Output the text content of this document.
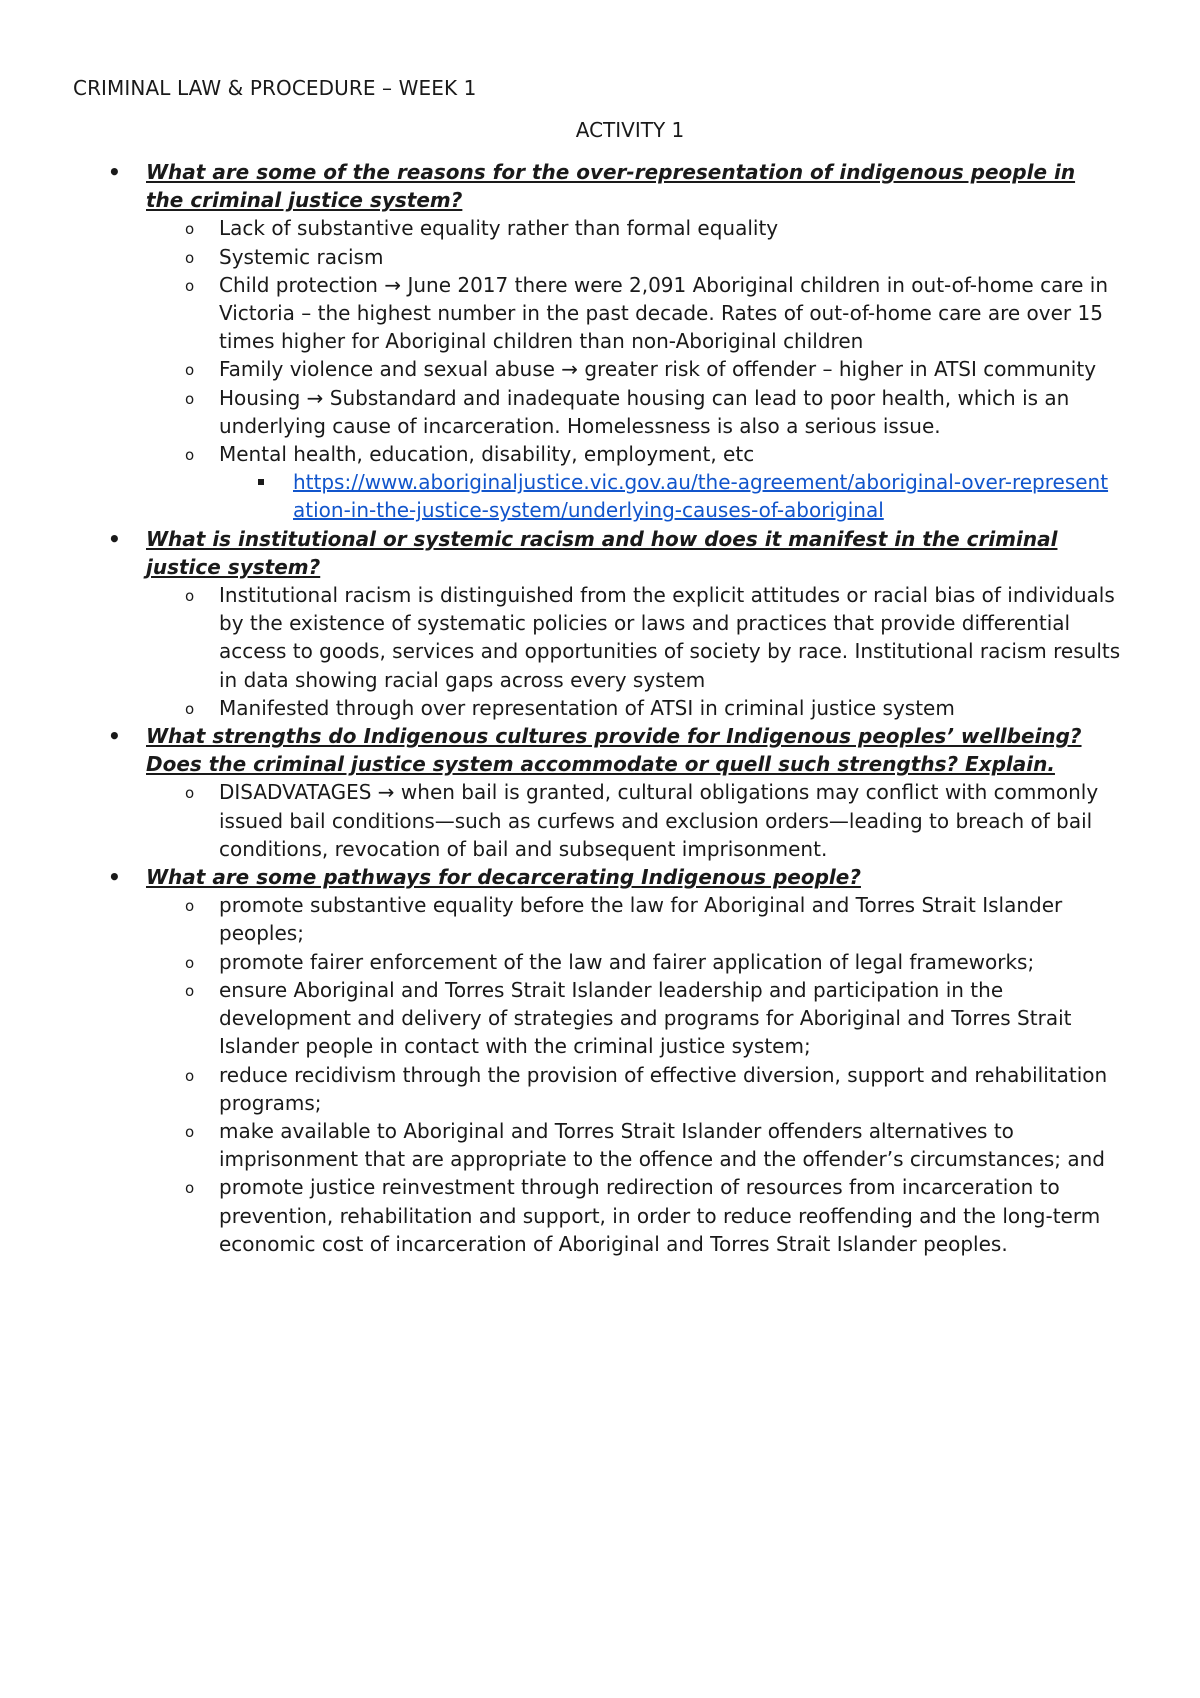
CRIMINAL LAW & PROCEDURE – WEEK 1
ACTIVITY 1
• What are some of the reasons for the over-representation of indigenous people in the criminal justice system?
o Lack of substantive equality rather than formal equality
o Systemic racism
o Child protection → June 2017 there were 2,091 Aboriginal children in out-of-home care in Victoria – the highest number in the past decade. Rates of out-of-home care are over 15 times higher for Aboriginal children than non-Aboriginal children
o Family violence and sexual abuse → greater risk of offender – higher in ATSI community
o Housing → Substandard and inadequate housing can lead to poor health, which is an underlying cause of incarceration. Homelessness is also a serious issue.
o Mental health, education, disability, employment, etc
https://www.aboriginaljustice.vic.gov.au/the-agreement/aboriginal-over-representation-in-the-justice-system/underlying-causes-of-aboriginal
• What is institutional or systemic racism and how does it manifest in the criminal justice system?
o Institutional racism is distinguished from the explicit attitudes or racial bias of individuals by the existence of systematic policies or laws and practices that provide differential access to goods, services and opportunities of society by race. Institutional racism results in data showing racial gaps across every system
o Manifested through over representation of ATSI in criminal justice system
• What strengths do Indigenous cultures provide for Indigenous peoples’ wellbeing? Does the criminal justice system accommodate or quell such strengths? Explain.
o DISADVATAGES → when bail is granted, cultural obligations may conflict with commonly issued bail conditions—such as curfews and exclusion orders—leading to breach of bail conditions, revocation of bail and subsequent imprisonment.
• What are some pathways for decarcerating Indigenous people?
o promote substantive equality before the law for Aboriginal and Torres Strait Islander peoples;
o promote fairer enforcement of the law and fairer application of legal frameworks;
o ensure Aboriginal and Torres Strait Islander leadership and participation in the development and delivery of strategies and programs for Aboriginal and Torres Strait Islander people in contact with the criminal justice system;
o reduce recidivism through the provision of effective diversion, support and rehabilitation programs;
o make available to Aboriginal and Torres Strait Islander offenders alternatives to imprisonment that are appropriate to the offence and the offender’s circumstances; and
o promote justice reinvestment through redirection of resources from incarceration to prevention, rehabilitation and support, in order to reduce reoffending and the long-term economic cost of incarceration of Aboriginal and Torres Strait Islander peoples.
